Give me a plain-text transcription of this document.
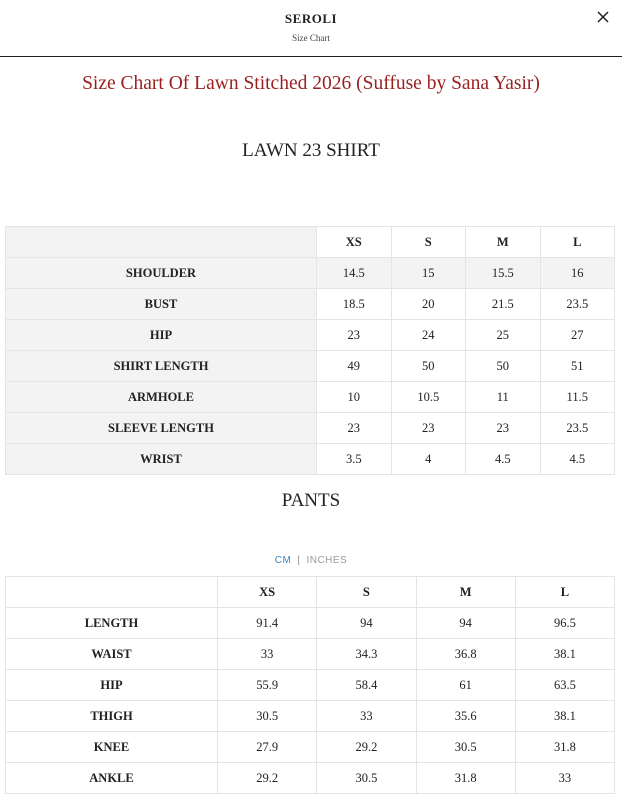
SEROLI
Size Chart
Size Chart Of Lawn Stitched 2026 (Suffuse by Sana Yasir)
LAWN 23 SHIRT
	XS	S	M	L
SHOULDER	14.5	15	15.5	16
BUST	18.5	20	21.5	23.5
HIP	23	24	25	27
SHIRT LENGTH	49	50	50	51
ARMHOLE	10	10.5	11	11.5
SLEEVE LENGTH	23	23	23	23.5
WRIST	3.5	4	4.5	4.5
PANTS
CM | INCHES
	XS	S	M	L
LENGTH	91.4	94	94	96.5
WAIST	33	34.3	36.8	38.1
HIP	55.9	58.4	61	63.5
THIGH	30.5	33	35.6	38.1
KNEE	27.9	29.2	30.5	31.8
ANKLE	29.2	30.5	31.8	33
